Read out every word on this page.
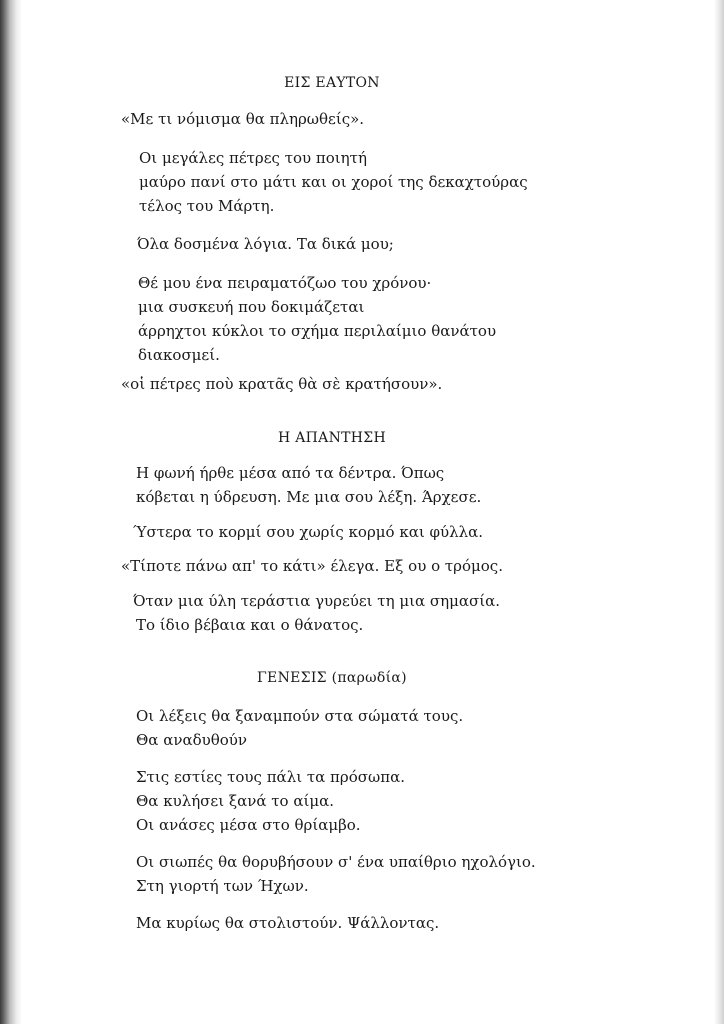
ΕΙΣ ΕΑΥΤΟΝ
«Με τι νόμισμα θα πληρωθείς».
Οι μεγάλες πέτρες του ποιητή
μαύρο πανί στο μάτι και οι χοροί της δεκαχτούρας
τέλος του Μάρτη.
Όλα δοσμένα λόγια. Τα δικά μου;
Θέ μου ένα πειραματόζωο του χρόνου·
μια συσκευή που δοκιμάζεται
άρρηχτοι κύκλοι το σχήμα περιλαίμιο θανάτου
διακοσμεί.
«οἱ πέτρες ποὺ κρατᾶς θὰ σὲ κρατήσουν».
Η ΑΠΑΝΤΗΣΗ
Η φωνή ήρθε μέσα από τα δέντρα. Όπως
κόβεται η ύδρευση. Με μια σου λέξη. Άρχεσε.
Ύστερα το κορμί σου χωρίς κορμό και φύλλα.
«Τίποτε πάνω απ' το κάτι» έλεγα. Εξ ου ο τρόμος.
Όταν μια ύλη τεράστια γυρεύει τη μια σημασία.
Το ίδιο βέβαια και ο θάνατος.
ΓΕΝΕΣΙΣ (παρωδία)
Οι λέξεις θα ξαναμπούν στα σώματά τους.
Θα αναδυθούν
Στις εστίες τους πάλι τα πρόσωπα.
Θα κυλήσει ξανά το αίμα.
Οι ανάσες μέσα στο θρίαμβο.
Οι σιωπές θα θορυβήσουν σ' ένα υπαίθριο ηχολόγιο.
Στη γιορτή των Ήχων.
Μα κυρίως θα στολιστούν. Ψάλλοντας.
